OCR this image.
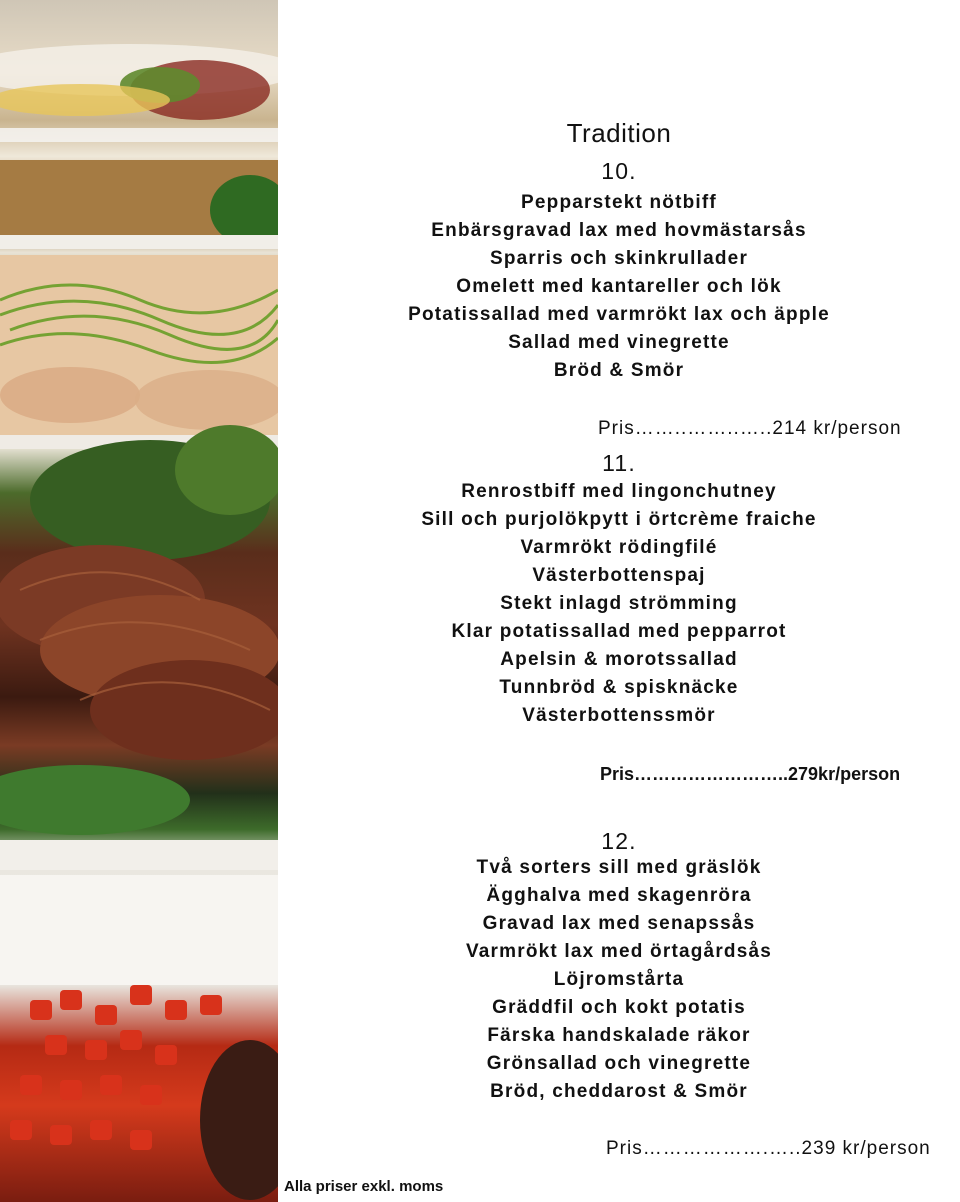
Tradition
10.
Pepparstekt nötbiff
Enbärsgravad lax med hovmästarsås
Sparris och skinkrullader
Omelett med kantareller och lök
Potatissallad med varmrökt lax och äpple
Sallad med vinegrette
Bröd & Smör
Pris……..……..…..214 kr/person
11.
Renrostbiff med lingonchutney
Sill och purjolökpytt i örtcrème fraiche
Varmrökt rödingfilé
Västerbottenspaj
Stekt inlagd strömming
Klar potatissallad med pepparrot
Apelsin & morotssallad
Tunnbröd & spisknäcke
Västerbottenssmör
Pris……………………..279kr/person
12.
Två sorters sill med gräslök
Ägghalva med skagenröra
Gravad lax med senapssås
Varmrökt lax med örtagårdsås
Löjromstårta
Gräddfil och kokt potatis
Färska handskalade räkor
Grönsallad och vinegrette
Bröd, cheddarost & Smör
Pris……………….…..239 kr/person
Alla priser exkl. moms
